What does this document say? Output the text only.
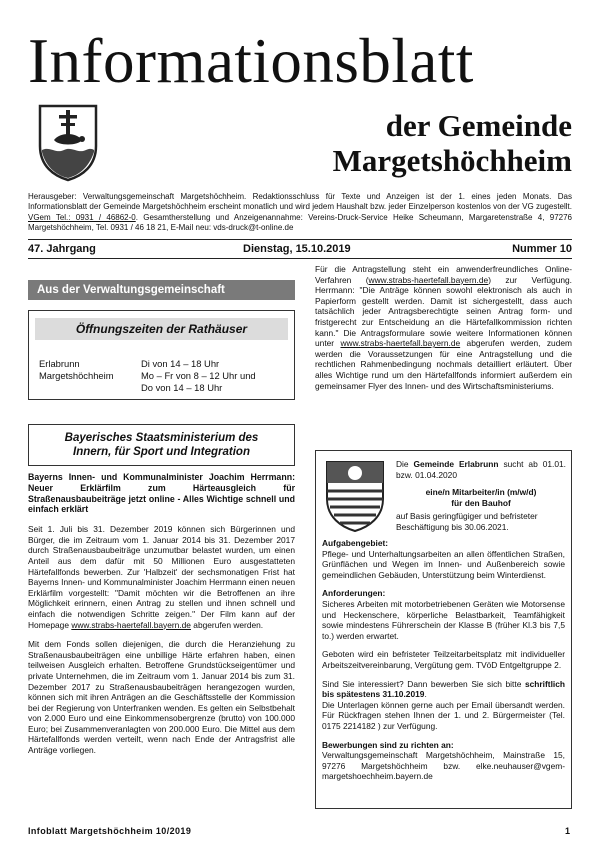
Informationsblatt
der Gemeinde
Margetshöchheim
Herausgeber: Verwaltungsgemeinschaft Margetshöchheim. Redaktionsschluss für Texte und Anzeigen ist der 1. eines jeden Monats. Das Informationsblatt der Gemeinde Margetshöchheim erscheint monatlich und wird jedem Haushalt bzw. jeder Einzelperson kostenlos von der VG zugestellt. VGem Tel.: 0931 / 46862-0. Gesamtherstellung und Anzeigenannahme: Vereins-Druck-Service Heike Scheumann, Margaretenstraße 4, 97276 Margetshöchheim, Tel. 0931 / 46 18 21, E-Mail neu: vds-druck@t-online.de
47. Jahrgang	Dienstag, 15.10.2019	Nummer 10
Aus der Verwaltungsgemeinschaft
Öffnungszeiten der Rathäuser
Erlabrunn	Di von 14 – 18 Uhr
Margetshöchheim	Mo – Fr von 8 – 12 Uhr und
Do von 14 – 18 Uhr
Bayerisches Staatsministerium des
Innern, für Sport und Integration

Bayerns Innen- und Kommunalminister Joachim Herrmann: Neuer Erklärfilm zum Härteausgleich für Straßenausbaubeiträge jetzt online - Alles Wichtige schnell und einfach erklärt

Seit 1. Juli bis 31. Dezember 2019 können sich Bürgerinnen und Bürger, die im Zeitraum vom 1. Januar 2014 bis 31. Dezember 2017 durch Straßenausbaubeiträge unzumutbar belastet wurden, um einen Anteil aus dem dafür mit 50 Millionen Euro ausgestatteten Härtefallfonds bewerben. Zur 'Halbzeit' der sechsmonatigen Frist hat Bayerns Innen- und Kommunalminister Joachim Herrmann einen neuen Erklärfilm vorgestellt: "Damit möchten wir die Betroffenen an ihre Möglichkeit erinnern, einen Antrag zu stellen und ihnen schnell und einfach die notwendigen Schritte zeigen." Der Film kann auf der Homepage www.strabs-haertefall.bayern.de abgerufen werden.

Mit dem Fonds sollen diejenigen, die durch die Heranziehung zu Straßenausbaubeiträgen eine unbillige Härte erfahren haben, einen teilweisen Ausgleich erhalten. Betroffene Grundstückseigentümer und private Unternehmen, die im Zeitraum vom 1. Januar 2014 bis zum 31. Dezember 2017 zu Straßenausbaubeiträgen herangezogen wurden, können sich mit ihren Anträgen an die Geschäftsstelle der Kommission bei der Regierung von Unterfranken wenden. Es gelten ein Selbstbehalt von 2.000 Euro und eine Einkommensobergrenze (brutto) von 100.000 Euro; bei Zusammenveranlagten von 200.000 Euro. Die Mittel aus dem Härtefallfonds werden verteilt, wenn nach Ende der Antragsfrist alle Anträge vorliegen.

Für die Antragstellung steht ein anwenderfreundliches Online-Verfahren (www.strabs-haertefall.bayern.de) zur Verfügung. Herrmann: "Die Anträge können sowohl elektronisch als auch in Papierform gestellt werden. Damit ist sichergestellt, dass auch tatsächlich jeder Antragsberechtigte seinen Antrag form- und fristgerecht zur Entscheidung an die Härtefallkommission richten kann." Die Antragsformulare sowie weitere Informationen können unter www.strabs-haertefall.bayern.de abgerufen werden, zudem werden die Voraussetzungen für eine Antragstellung und die rechtlichen Rahmenbedingung nochmals detailliert erläutert. Über alles Wichtige rund um den Härtefallfonds informiert außerdem ein gemeinsamer Flyer des Innen- und des Wirtschaftsministeriums.

Die Gemeinde Erlabrunn sucht ab 01.01. bzw. 01.04.2020
eine/n Mitarbeiter/in (m/w/d)
für den Bauhof
auf Basis geringfügiger und befristeter Beschäftigung bis 30.06.2021.
Aufgabengebiet:
Pflege- und Unterhaltungsarbeiten an allen öffentlichen Straßen, Grünflächen und Wegen im Innen- und Außenbereich sowie gemeindlichen Gebäuden, Unterstützung beim Winterdienst.
Anforderungen:
Sicheres Arbeiten mit motorbetriebenen Geräten wie Motorsense und Heckenschere, körperliche Belastbarkeit, Teamfähigkeit sowie mindestens Führerschein der Klasse B (früher Kl.3 bis 7,5 to.) werden erwartet.
Geboten wird ein befristeter Teilzeitarbeitsplatz mit individueller Arbeitszeitvereinbarung, Vergütung gem. TVöD Entgeltgruppe 2.
Sind Sie interessiert? Dann bewerben Sie sich bitte schriftlich bis spätestens 31.10.2019.
Die Unterlagen können gerne auch per Email übersandt werden. Für Rückfragen stehen Ihnen der 1. und 2. Bürgermeister (Tel. 0175 2214182 ) zur Verfügung.
Bewerbungen sind zu richten an:
Verwaltungsgemeinschaft Margetshöchheim, Mainstraße 15, 97276 Margetshöchheim bzw. elke.neuhauser@vgem-margetshoechheim.bayern.de
Infoblatt Margetshöchheim 10/2019	1
